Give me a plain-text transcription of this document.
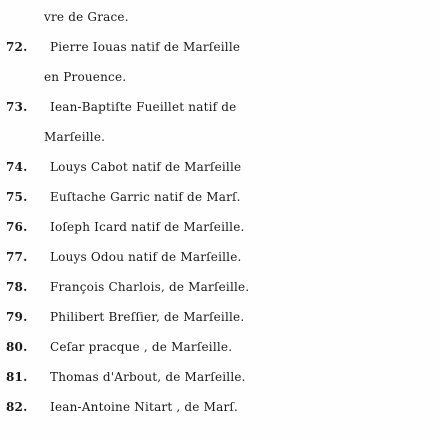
vre de Grace.
72. Pierre Iouas natif de Marſeille
en Prouence.
73. Iean-Baptiſte Fueillet natif de
Marſeille.
74. Louys Cabot natif de Marſeille
75. Euſtache Garric natif de Marſ.
76. Ioſeph Icard natif de Marſeille.
77. Louys Odou natif de Marſeille.
78. François Charlois, de Marſeille.
79. Philibert Breſſier, de Marſeille.
80. Ceſar pracque , de Marſeille.
81. Thomas d'Arbout, de Marſeille.
82. Iean-Antoine Nitart , de Marſ.
